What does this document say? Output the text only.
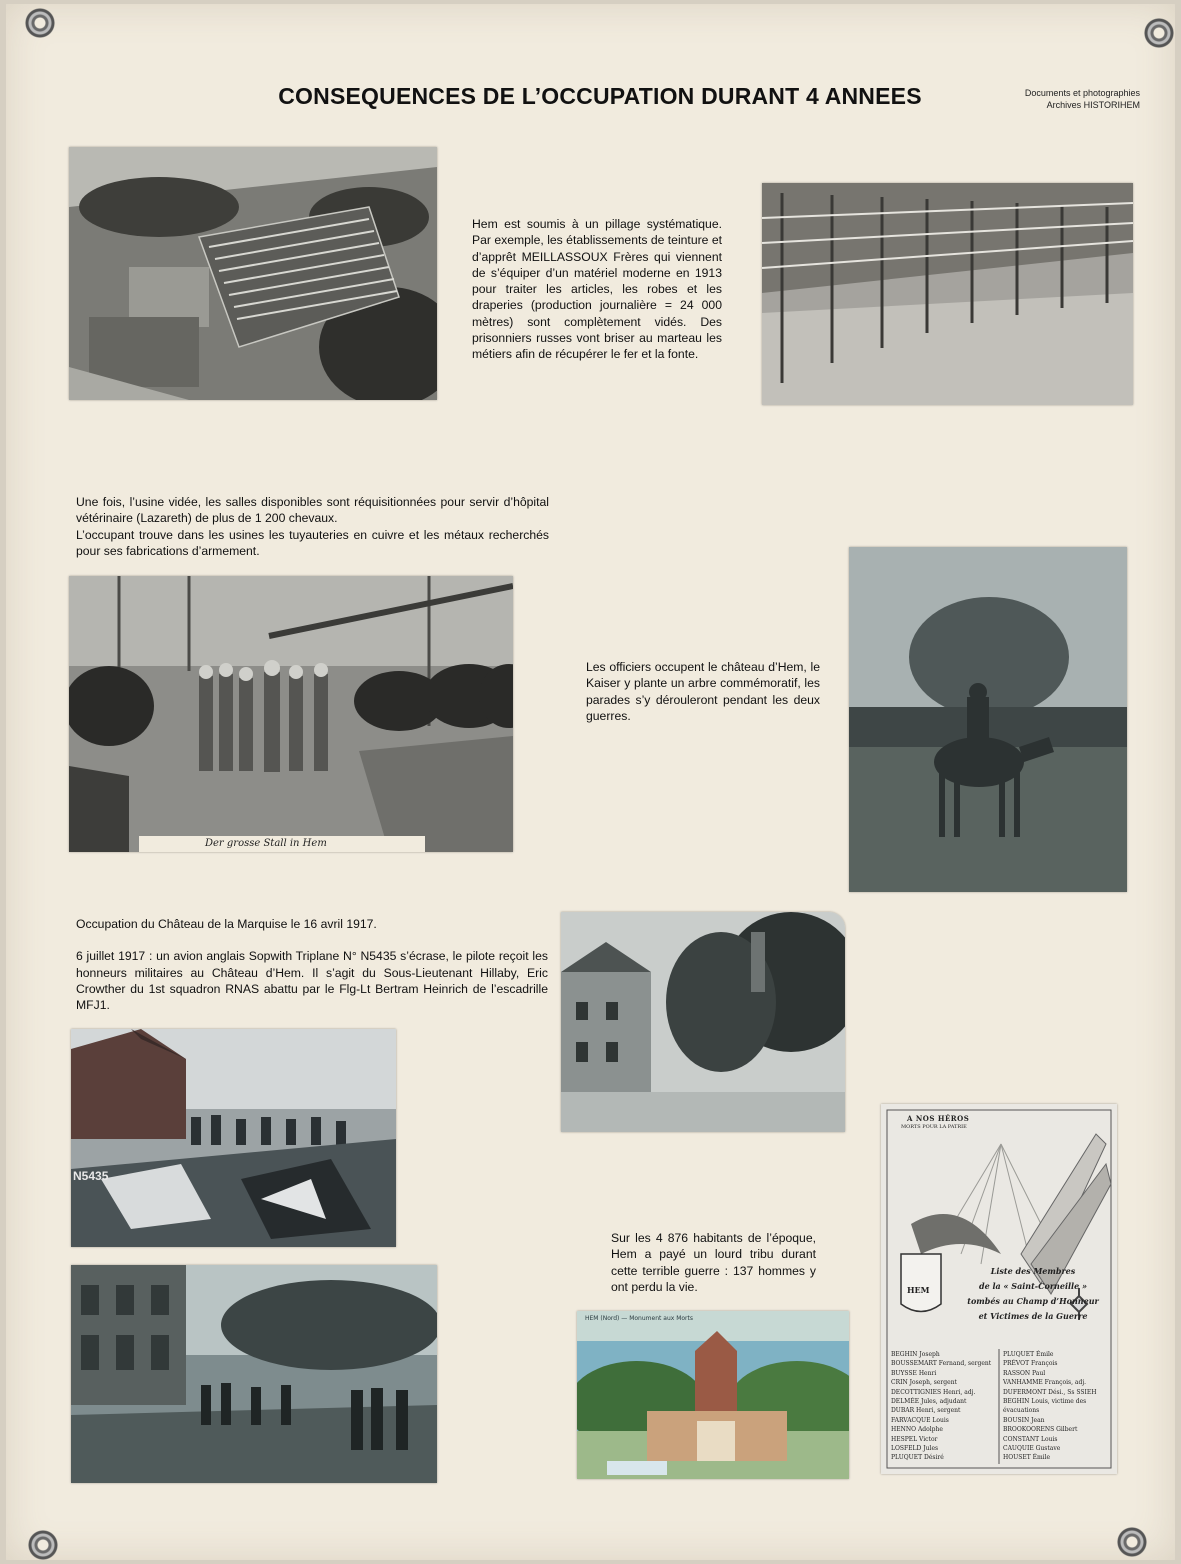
CONSEQUENCES DE L’OCCUPATION DURANT 4 ANNEES	Documents et photographies
Archives HISTORIHEM
Hem est soumis à un pillage systématique. Par exemple, les établissements de teinture et d’apprêt MEILLASSOUX Frères qui viennent de s’équiper d’un matériel moderne en 1913 pour traiter les articles, les robes et les draperies (production journalière = 24 000 mètres) sont complètement vidés. Des prisonniers russes vont briser au marteau les métiers afin de récupérer le fer et la fonte.

Une fois, l’usine vidée, les salles disponibles sont réquisitionnées pour servir d’hôpital vétérinaire (Lazareth) de plus de 1 200 chevaux.

L’occupant trouve dans les usines les tuyauteries en cuivre et les métaux recherchés pour ses fabrications d’armement.

Der grosse Stall in Hem
Les officiers occupent le château d’Hem, le Kaiser y plante un arbre commémoratif, les parades s’y dérouleront pendant les deux guerres.

Occupation du Château de la Marquise le 16 avril 1917.

6 juillet 1917 : un avion anglais Sopwith Triplane N° N5435 s’écrase, le pilote reçoit les honneurs militaires au Château d’Hem. Il s’agit du Sous-Lieutenant Hillaby, Eric Crowther du 1st squadron RNAS abattu par le Flg-Lt Bertram Heinrich de l’escadrille MFJ1.

N5435
Sur les 4 876 habitants de l’époque, Hem a payé un lourd tribu durant cette terrible guerre : 137 hommes y ont perdu la vie.
HEM (Nord) — Monument aux Morts
A NOS HÉROS
MORTS POUR LA PATRIE
HEM
Liste des Membres
de la « Saint-Corneille »
tombés au Champ d’Honneur
et Victimes de la Guerre
BEGHIN Joseph
BOUSSEMART Fernand, sergent
BUYSSE Henri
CRIN Joseph, sergent
DECOTTIGNIES Henri, adj.
DELMÉE Jules, adjudant
DUBAR Henri, sergent
FARVACQUE Louis
HENNO Adolphe
HESPEL Victor
LOSFELD Jules
PLUQUET Désiré
PLUQUET Émile
PRÉVOT François
RASSON Paul
VANHAMME François, adj.
DUFERMONT Dési., Ss SSIEH
BEGHIN Louis, victime des évacuations
BOUSIN Jean
BROOKOORENS Gilbert
CONSTANT Louis
CAUQUIE Gustave
HOUSET Émile
